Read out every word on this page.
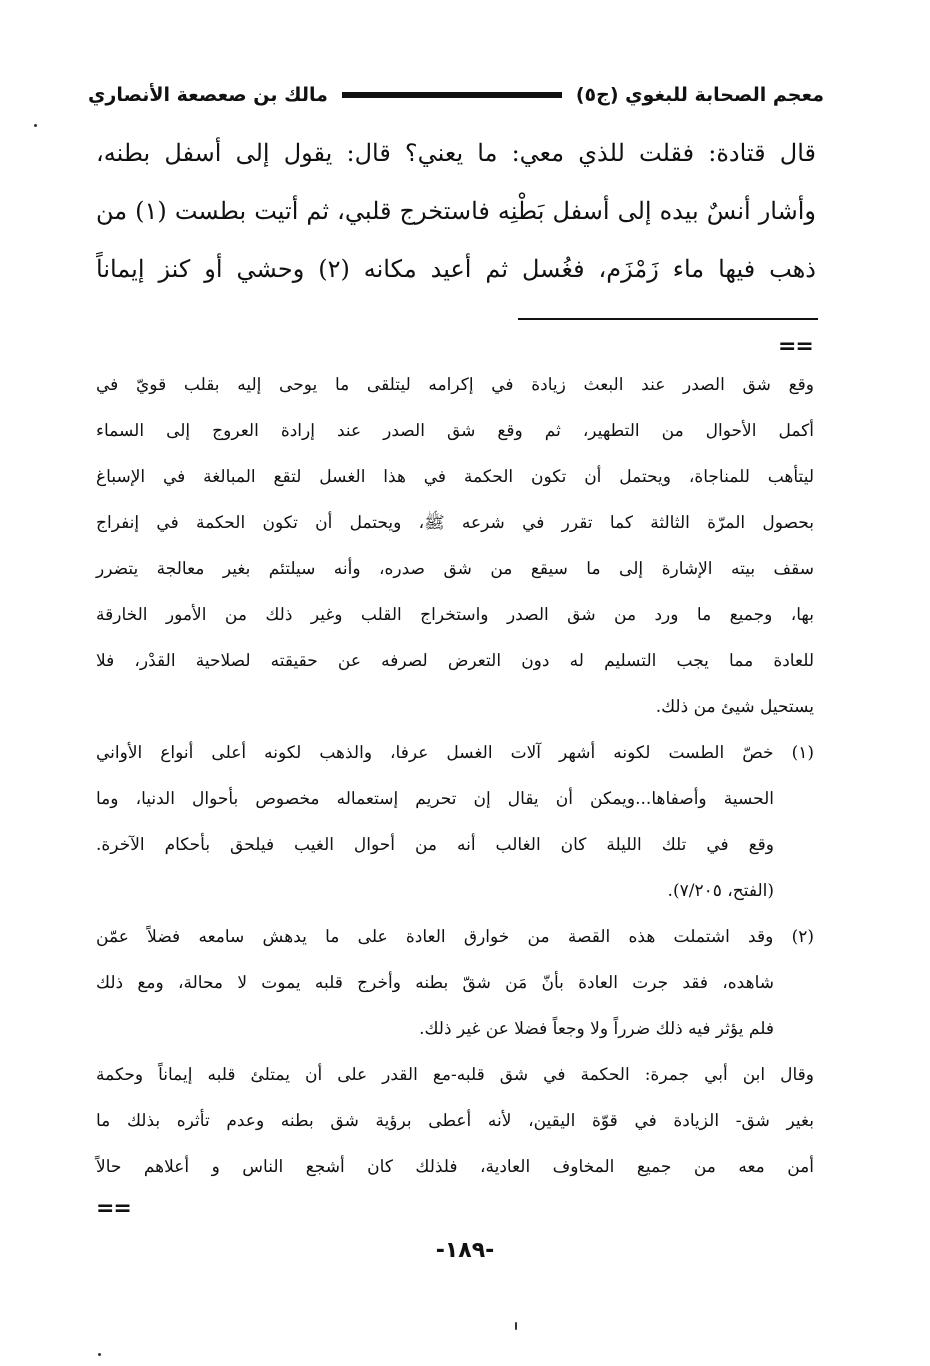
معجم الصحابة للبغوي (ج٥)
مالك بن صعصعة الأنصاري
قال قتادة: فقلت للذي معي: ما يعني؟ قال: يقول إلى أسفل بطنه،
وأشار أنسٌ بيده إلى أسفل بَطْنِه فاستخرج قلبي، ثم أتيت بطست (١) من
ذهب فيها ماء زَمْزَم، فغُسل ثم أعيد مكانه (٢) وحشي أو كنز إيماناً
==
وقع شق الصدر عند البعث زيادة في إكرامه ليتلقى ما يوحى إليه بقلب قويّ في
أكمل الأحوال من التطهير، ثم وقع شق الصدر عند إرادة العروج إلى السماء
ليتأهب للمناجاة، ويحتمل أن تكون الحكمة في هذا الغسل لتقع المبالغة في الإسباغ
بحصول المرّة الثالثة كما تقرر في شرعه ﷺ، ويحتمل أن تكون الحكمة في إنفراج
سقف بيته الإشارة إلى ما سيقع من شق صدره، وأنه سيلتئم بغير معالجة يتضرر
بها، وجميع ما ورد من شق الصدر واستخراج القلب وغير ذلك من الأمور الخارقة
للعادة مما يجب التسليم له دون التعرض لصرفه عن حقيقته لصلاحية القدْر، فلا
يستحيل شيئ من ذلك.
(١) خصّ الطست لكونه أشهر آلات الغسل عرفا، والذهب لكونه أعلى أنواع الأواني
الحسية وأصفاها...ويمكن أن يقال إن تحريم إستعماله مخصوص بأحوال الدنيا، وما
وقع في تلك الليلة كان الغالب أنه من أحوال الغيب فيلحق بأحكام الآخرة.
(الفتح، ٧/٢٠٥).
(٢) وقد اشتملت هذه القصة من خوارق العادة على ما يدهش سامعه فضلاً عمّن
شاهده، فقد جرت العادة بأنّ مَن شقّ بطنه وأخرج قلبه يموت لا محالة، ومع ذلك
فلم يؤثر فيه ذلك ضرراً ولا وجعاً فضلا عن غير ذلك.
وقال ابن أبي جمرة: الحكمة في شق قلبه-مع القدر على أن يمتلئ قلبه إيماناً وحكمة
بغير شق- الزيادة في قوّة اليقين، لأنه أعطى برؤية شق بطنه وعدم تأثره بذلك ما
أمن معه من جميع المخاوف العادية، فلذلك كان أشجع الناس و أعلاهم حالاً
==
-١٨٩-
